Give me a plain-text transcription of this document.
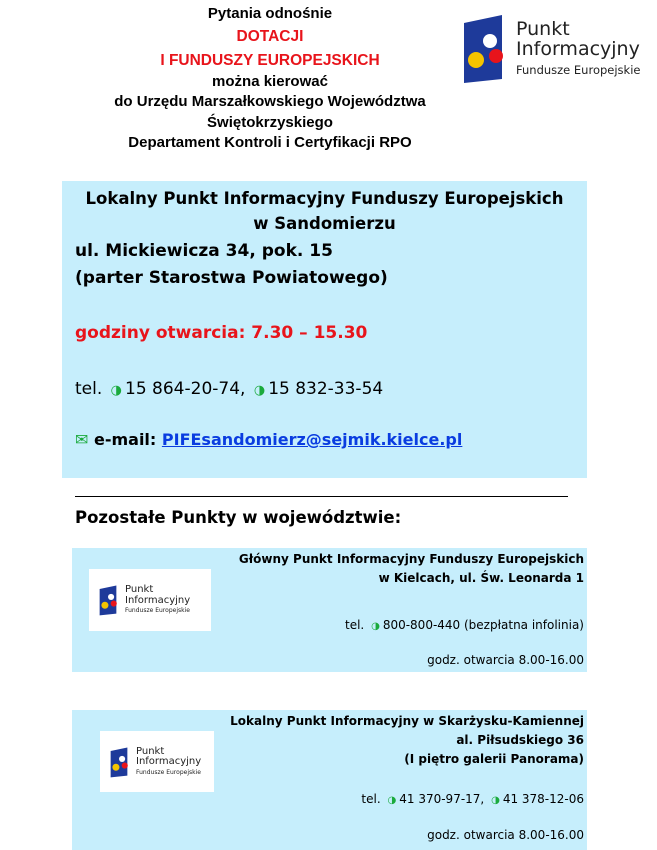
Pytania odnośnie
DOTACJI
I FUNDUSZY EUROPEJSKICH
można kierować
do Urzędu Marszałkowskiego Województwa
Świętokrzyskiego
Departament Kontroli i Certyfikacji RPO
Punkt
Informacyjny
Fundusze Europejskie
Lokalny Punkt Informacyjny Funduszy Europejskich
w Sandomierzu
ul. Mickiewicza 34, pok. 15
(parter Starostwa Powiatowego)
godziny otwarcia: 7.30 – 15.30
tel. ◑ 15 864-20-74, ◑ 15 832-33-54
✉ e-mail: PIFEsandomierz@sejmik.kielce.pl
Pozostałe Punkty w województwie:
Punkt
Informacyjny
Fundusze Europejskie
Główny Punkt Informacyjny Funduszy Europejskich
w Kielcach, ul. Św. Leonarda 1
tel. ◑ 800-800-440 (bezpłatna infolinia)
godz. otwarcia 8.00-16.00
Punkt
Informacyjny
Fundusze Europejskie
Lokalny Punkt Informacyjny w Skarżysku-Kamiennej
al. Piłsudskiego 36
(I piętro galerii Panorama)
tel. ◑ 41 370-97-17, ◑ 41 378-12-06
godz. otwarcia 8.00-16.00
